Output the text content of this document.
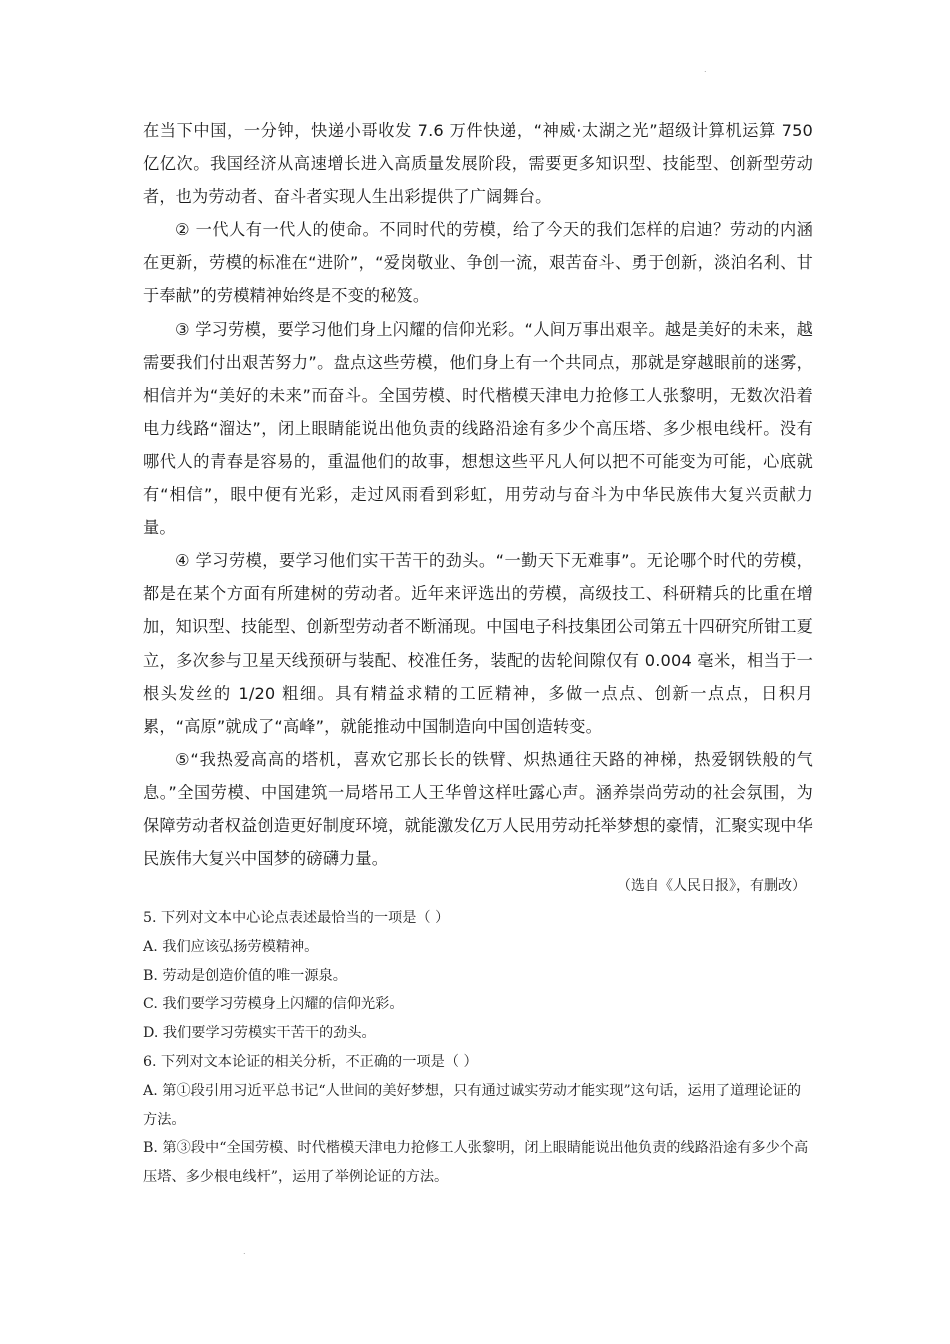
.

在当下中国，一分钟，快递小哥收发 7.6 万件快递，“神威·太湖之光”超级计算机运算 750 亿亿次。我国经济从高速增长进入高质量发展阶段，需要更多知识型、技能型、创新型劳动者，也为劳动者、奋斗者实现人生出彩提供了广阔舞台。

② 一代人有一代人的使命。不同时代的劳模，给了今天的我们怎样的启迪？劳动的内涵在更新，劳模的标准在“进阶”，“爱岗敬业、争创一流，艰苦奋斗、勇于创新，淡泊名利、甘于奉献”的劳模精神始终是不变的秘笈。

③ 学习劳模，要学习他们身上闪耀的信仰光彩。“人间万事出艰辛。越是美好的未来，越需要我们付出艰苦努力”。盘点这些劳模，他们身上有一个共同点，那就是穿越眼前的迷雾，相信并为“美好的未来”而奋斗。全国劳模、时代楷模天津电力抢修工人张黎明，无数次沿着电力线路“溜达”，闭上眼睛能说出他负责的线路沿途有多少个高压塔、多少根电线杆。没有哪代人的青春是容易的，重温他们的故事，想想这些平凡人何以把不可能变为可能，心底就有“相信”，眼中便有光彩，走过风雨看到彩虹，用劳动与奋斗为中华民族伟大复兴贡献力量。

④ 学习劳模，要学习他们实干苦干的劲头。“一勤天下无难事”。无论哪个时代的劳模，都是在某个方面有所建树的劳动者。近年来评选出的劳模，高级技工、科研精兵的比重在增加，知识型、技能型、创新型劳动者不断涌现。中国电子科技集团公司第五十四研究所钳工夏立，多次参与卫星天线预研与装配、校准任务，装配的齿轮间隙仅有 0.004 毫米，相当于一根头发丝的 1/20 粗细。具有精益求精的工匠精神，多做一点点、创新一点点，日积月累，“高原”就成了“高峰”，就能推动中国制造向中国创造转变。

⑤“我热爱高高的塔机，喜欢它那长长的铁臂、炽热通往天路的神梯，热爱钢铁般的气息。”全国劳模、中国建筑一局塔吊工人王华曾这样吐露心声。涵养崇尚劳动的社会氛围，为保障劳动者权益创造更好制度环境，就能激发亿万人民用劳动托举梦想的豪情，汇聚实现中华民族伟大复兴中国梦的磅礴力量。

（选自《人民日报》，有删改）

5. 下列对文本中心论点表述最恰当的一项是（ ）

A. 我们应该弘扬劳模精神。

B. 劳动是创造价值的唯一源泉。

C. 我们要学习劳模身上闪耀的信仰光彩。

D. 我们要学习劳模实干苦干的劲头。

6. 下列对文本论证的相关分析，不正确的一项是（ ）

A. 第①段引用习近平总书记“人世间的美好梦想，只有通过诚实劳动才能实现”这句话，运用了道理论证的方法。

B. 第③段中“全国劳模、时代楷模天津电力抢修工人张黎明，闭上眼睛能说出他负责的线路沿途有多少个高压塔、多少根电线杆”，运用了举例论证的方法。

.
